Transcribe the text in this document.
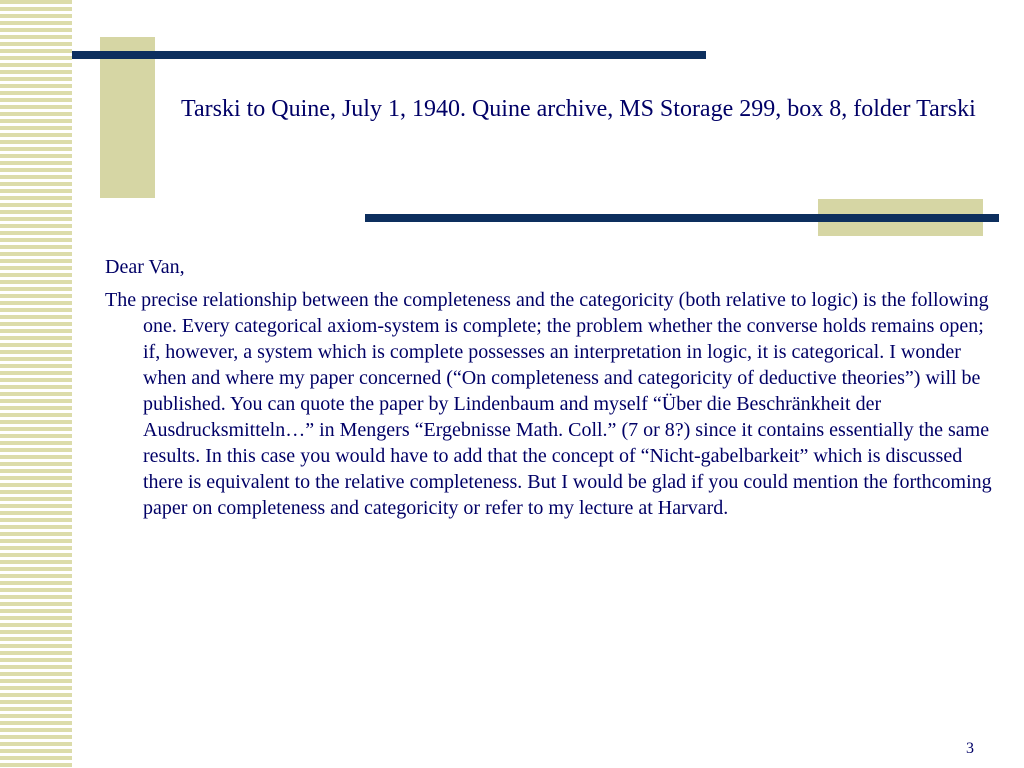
Tarski to Quine, July 1, 1940. Quine archive, MS Storage 299, box 8, folder Tarski

Dear Van,

The precise relationship between the completeness and the categoricity (both relative to logic) is the following one. Every categorical axiom-system is complete; the problem whether the converse holds remains open; if, however, a system which is complete possesses an interpretation in logic, it is categorical. I wonder when and where my paper concerned (“On completeness and categoricity of deductive theories”) will be published. You can quote the paper by Lindenbaum and myself “Über die Beschränkheit der Ausdrucksmitteln…” in Mengers “Ergebnisse Math. Coll.” (7 or 8?) since it contains essentially the same results. In this case you would have to add that the concept of “Nicht-gabelbarkeit” which is discussed there is equivalent to the relative completeness. But I would be glad if you could mention the forthcoming paper on completeness and categoricity or refer to my lecture at Harvard.

3
